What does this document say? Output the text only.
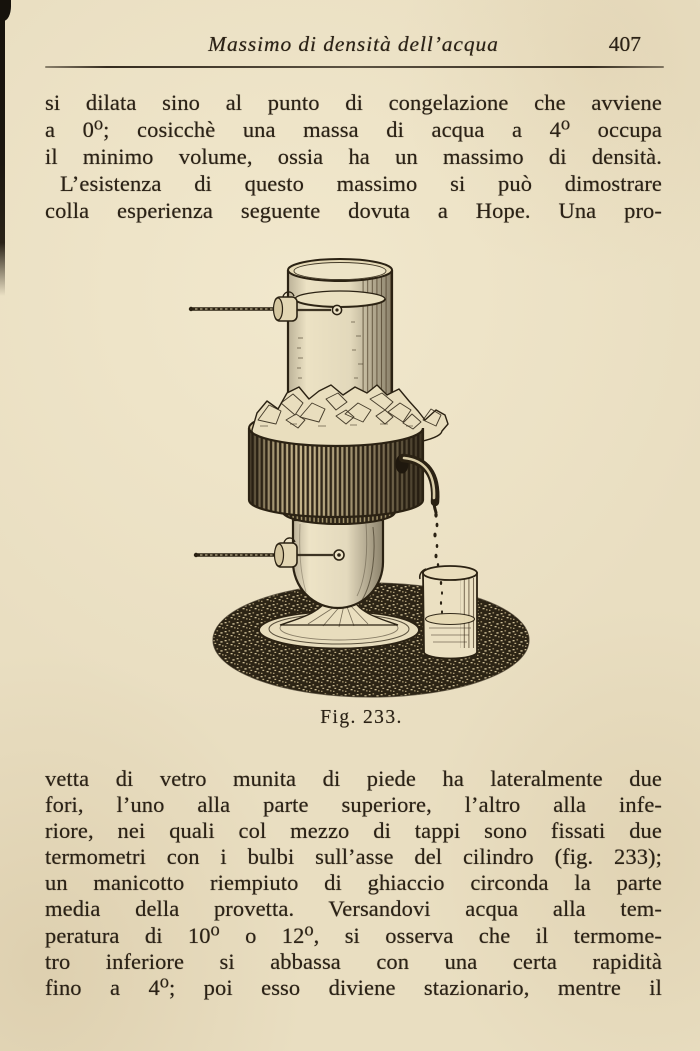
Massimo di densità dell’acqua	407
si dilata sino al punto di congelazione che avviene
a 0⁰; cosicchè una massa di acqua a 4⁰ occupa
il minimo volume, ossia ha un massimo di densità.
L’esistenza di questo massimo si può dimostrare
colla esperienza seguente dovuta a Hope. Una pro-
Fig. 233.
vetta di vetro munita di piede ha lateralmente due
fori, l’uno alla parte superiore, l’altro alla infe-
riore, nei quali col mezzo di tappi sono fissati due
termometri con i bulbi sull’asse del cilindro (fig. 233);
un manicotto riempiuto di ghiaccio circonda la parte
media della provetta. Versandovi acqua alla tem-
peratura di 10⁰ o 12⁰, si osserva che il termome-
tro inferiore si abbassa con una certa rapidità
fino a 4⁰; poi esso diviene stazionario, mentre il
